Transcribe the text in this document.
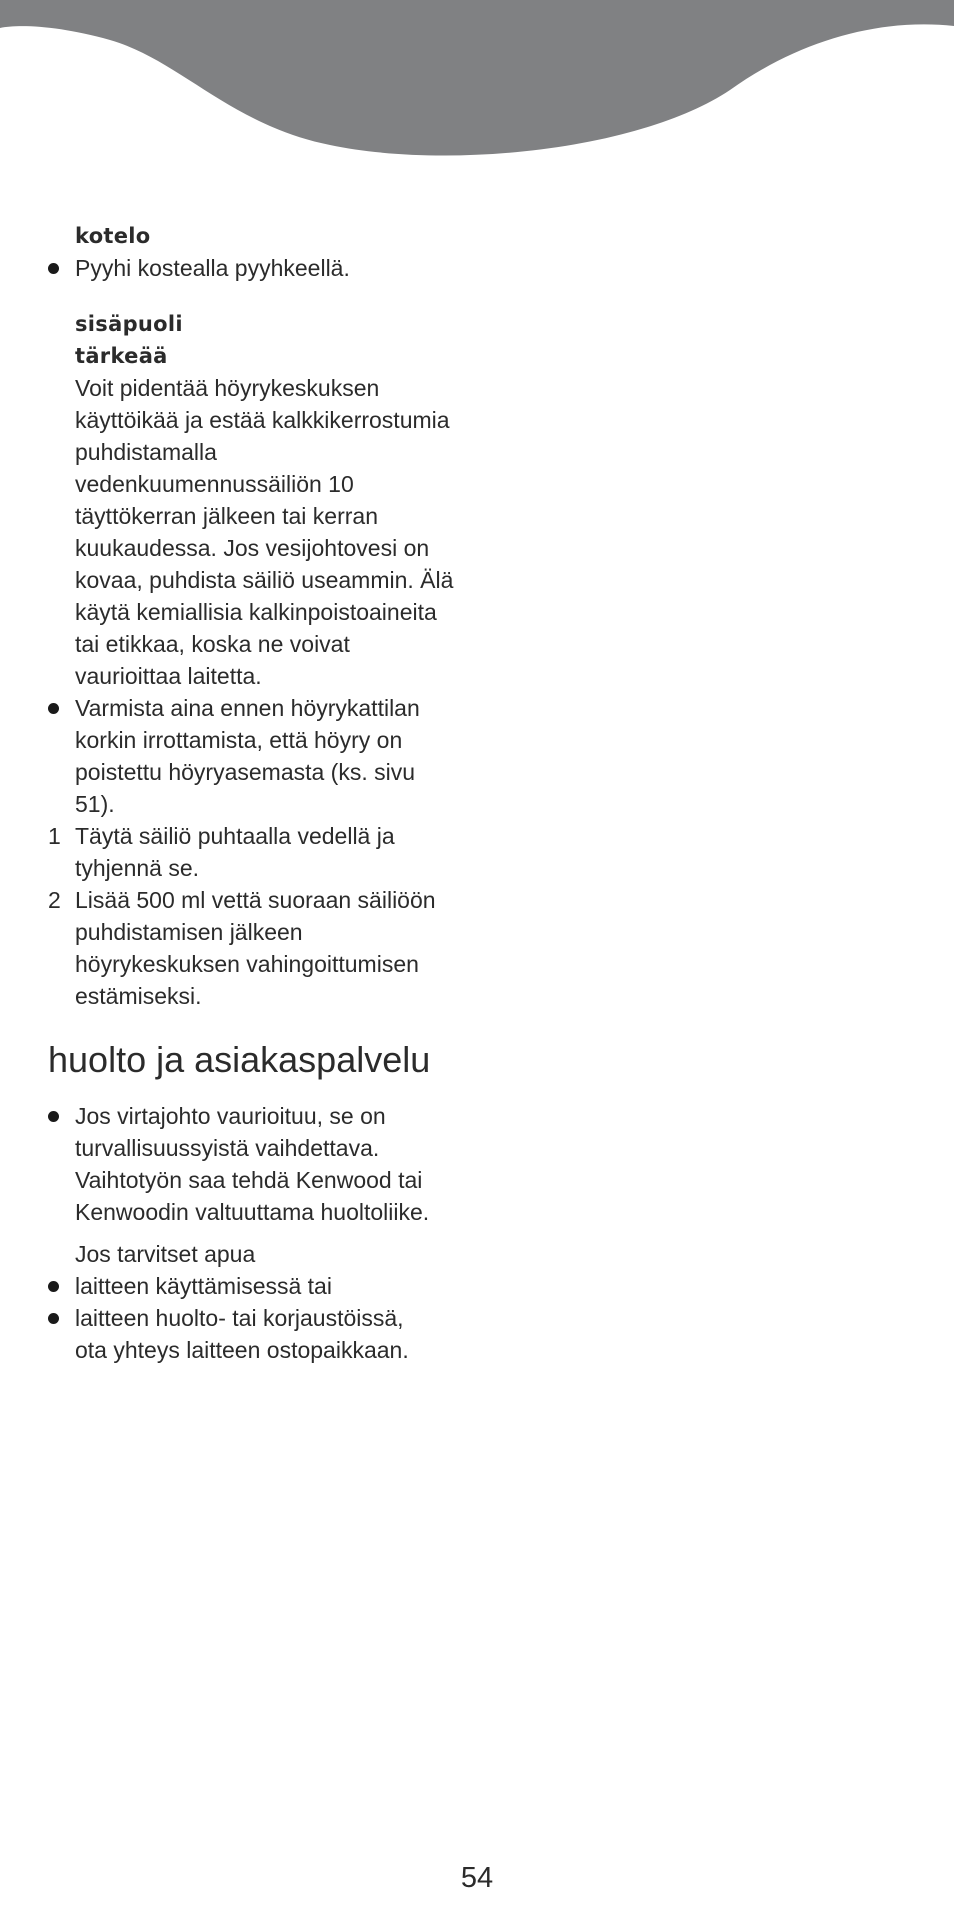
kotelo
Pyyhi kostealla pyyhkeellä.
sisäpuoli
tärkeää
Voit pidentää höyrykeskuksen
käyttöikää ja estää kalkkikerrostumia
puhdistamalla
vedenkuumennussäiliön 10
täyttökerran jälkeen tai kerran
kuukaudessa. Jos vesijohtovesi on
kovaa, puhdista säiliö useammin. Älä
käytä kemiallisia kalkinpoistoaineita
tai etikkaa, koska ne voivat
vaurioittaa laitetta.
Varmista aina ennen höyrykattilan
korkin irrottamista, että höyry on
poistettu höyryasemasta (ks. sivu
51).
1 Täytä säiliö puhtaalla vedellä ja
tyhjennä se.
2 Lisää 500 ml vettä suoraan säiliöön
puhdistamisen jälkeen
höyrykeskuksen vahingoittumisen
estämiseksi.
huolto ja asiakaspalvelu
Jos virtajohto vaurioituu, se on
turvallisuussyistä vaihdettava.
Vaihtotyön saa tehdä Kenwood tai
Kenwoodin valtuuttama huoltoliike.
Jos tarvitset apua
laitteen käyttämisessä tai
laitteen huolto- tai korjaustöissä,
ota yhteys laitteen ostopaikkaan.
54
